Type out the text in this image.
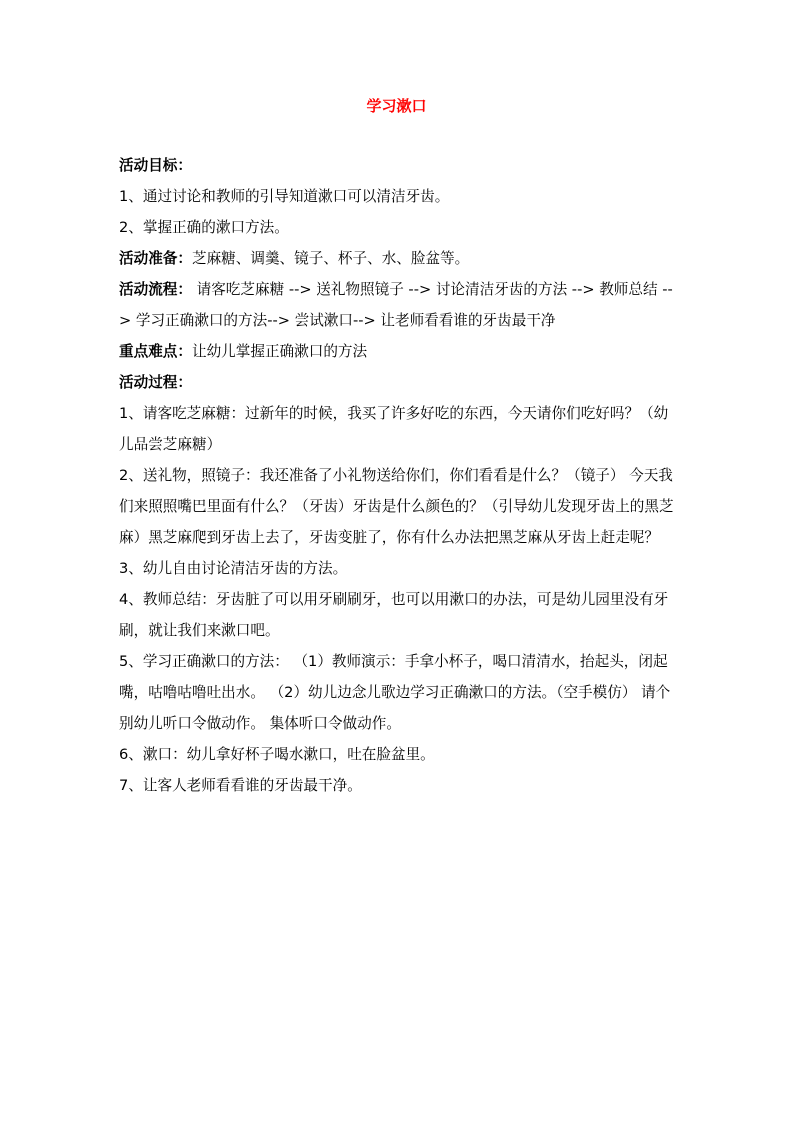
学习漱口

活动目标：

1、通过讨论和教师的引导知道漱口可以清洁牙齿。

2、掌握正确的漱口方法。

活动准备：芝麻糖、调羹、镜子、杯子、水、脸盆等。

活动流程： 请客吃芝麻糖 --> 送礼物照镜子 --> 讨论清洁牙齿的方法 --> 教师总结 --> 学习正确漱口的方法--> 尝试漱口--> 让老师看看谁的牙齿最干净

重点难点：让幼儿掌握正确漱口的方法

活动过程：

1、请客吃芝麻糖：过新年的时候，我买了许多好吃的东西，今天请你们吃好吗？（幼儿品尝芝麻糖）

2、送礼物，照镜子：我还准备了小礼物送给你们，你们看看是什么？（镜子） 今天我们来照照嘴巴里面有什么？（牙齿）牙齿是什么颜色的？（引导幼儿发现牙齿上的黑芝麻）黑芝麻爬到牙齿上去了，牙齿变脏了，你有什么办法把黑芝麻从牙齿上赶走呢？

3、幼儿自由讨论清洁牙齿的方法。

4、教师总结：牙齿脏了可以用牙刷刷牙，也可以用漱口的办法，可是幼儿园里没有牙刷，就让我们来漱口吧。

5、学习正确漱口的方法： （1）教师演示：手拿小杯子，喝口清清水，抬起头，闭起嘴，咕噜咕噜吐出水。 （2）幼儿边念儿歌边学习正确漱口的方法。（空手模仿） 请个别幼儿听口令做动作。 集体听口令做动作。

6、漱口：幼儿拿好杯子喝水漱口，吐在脸盆里。

7、让客人老师看看谁的牙齿最干净。
